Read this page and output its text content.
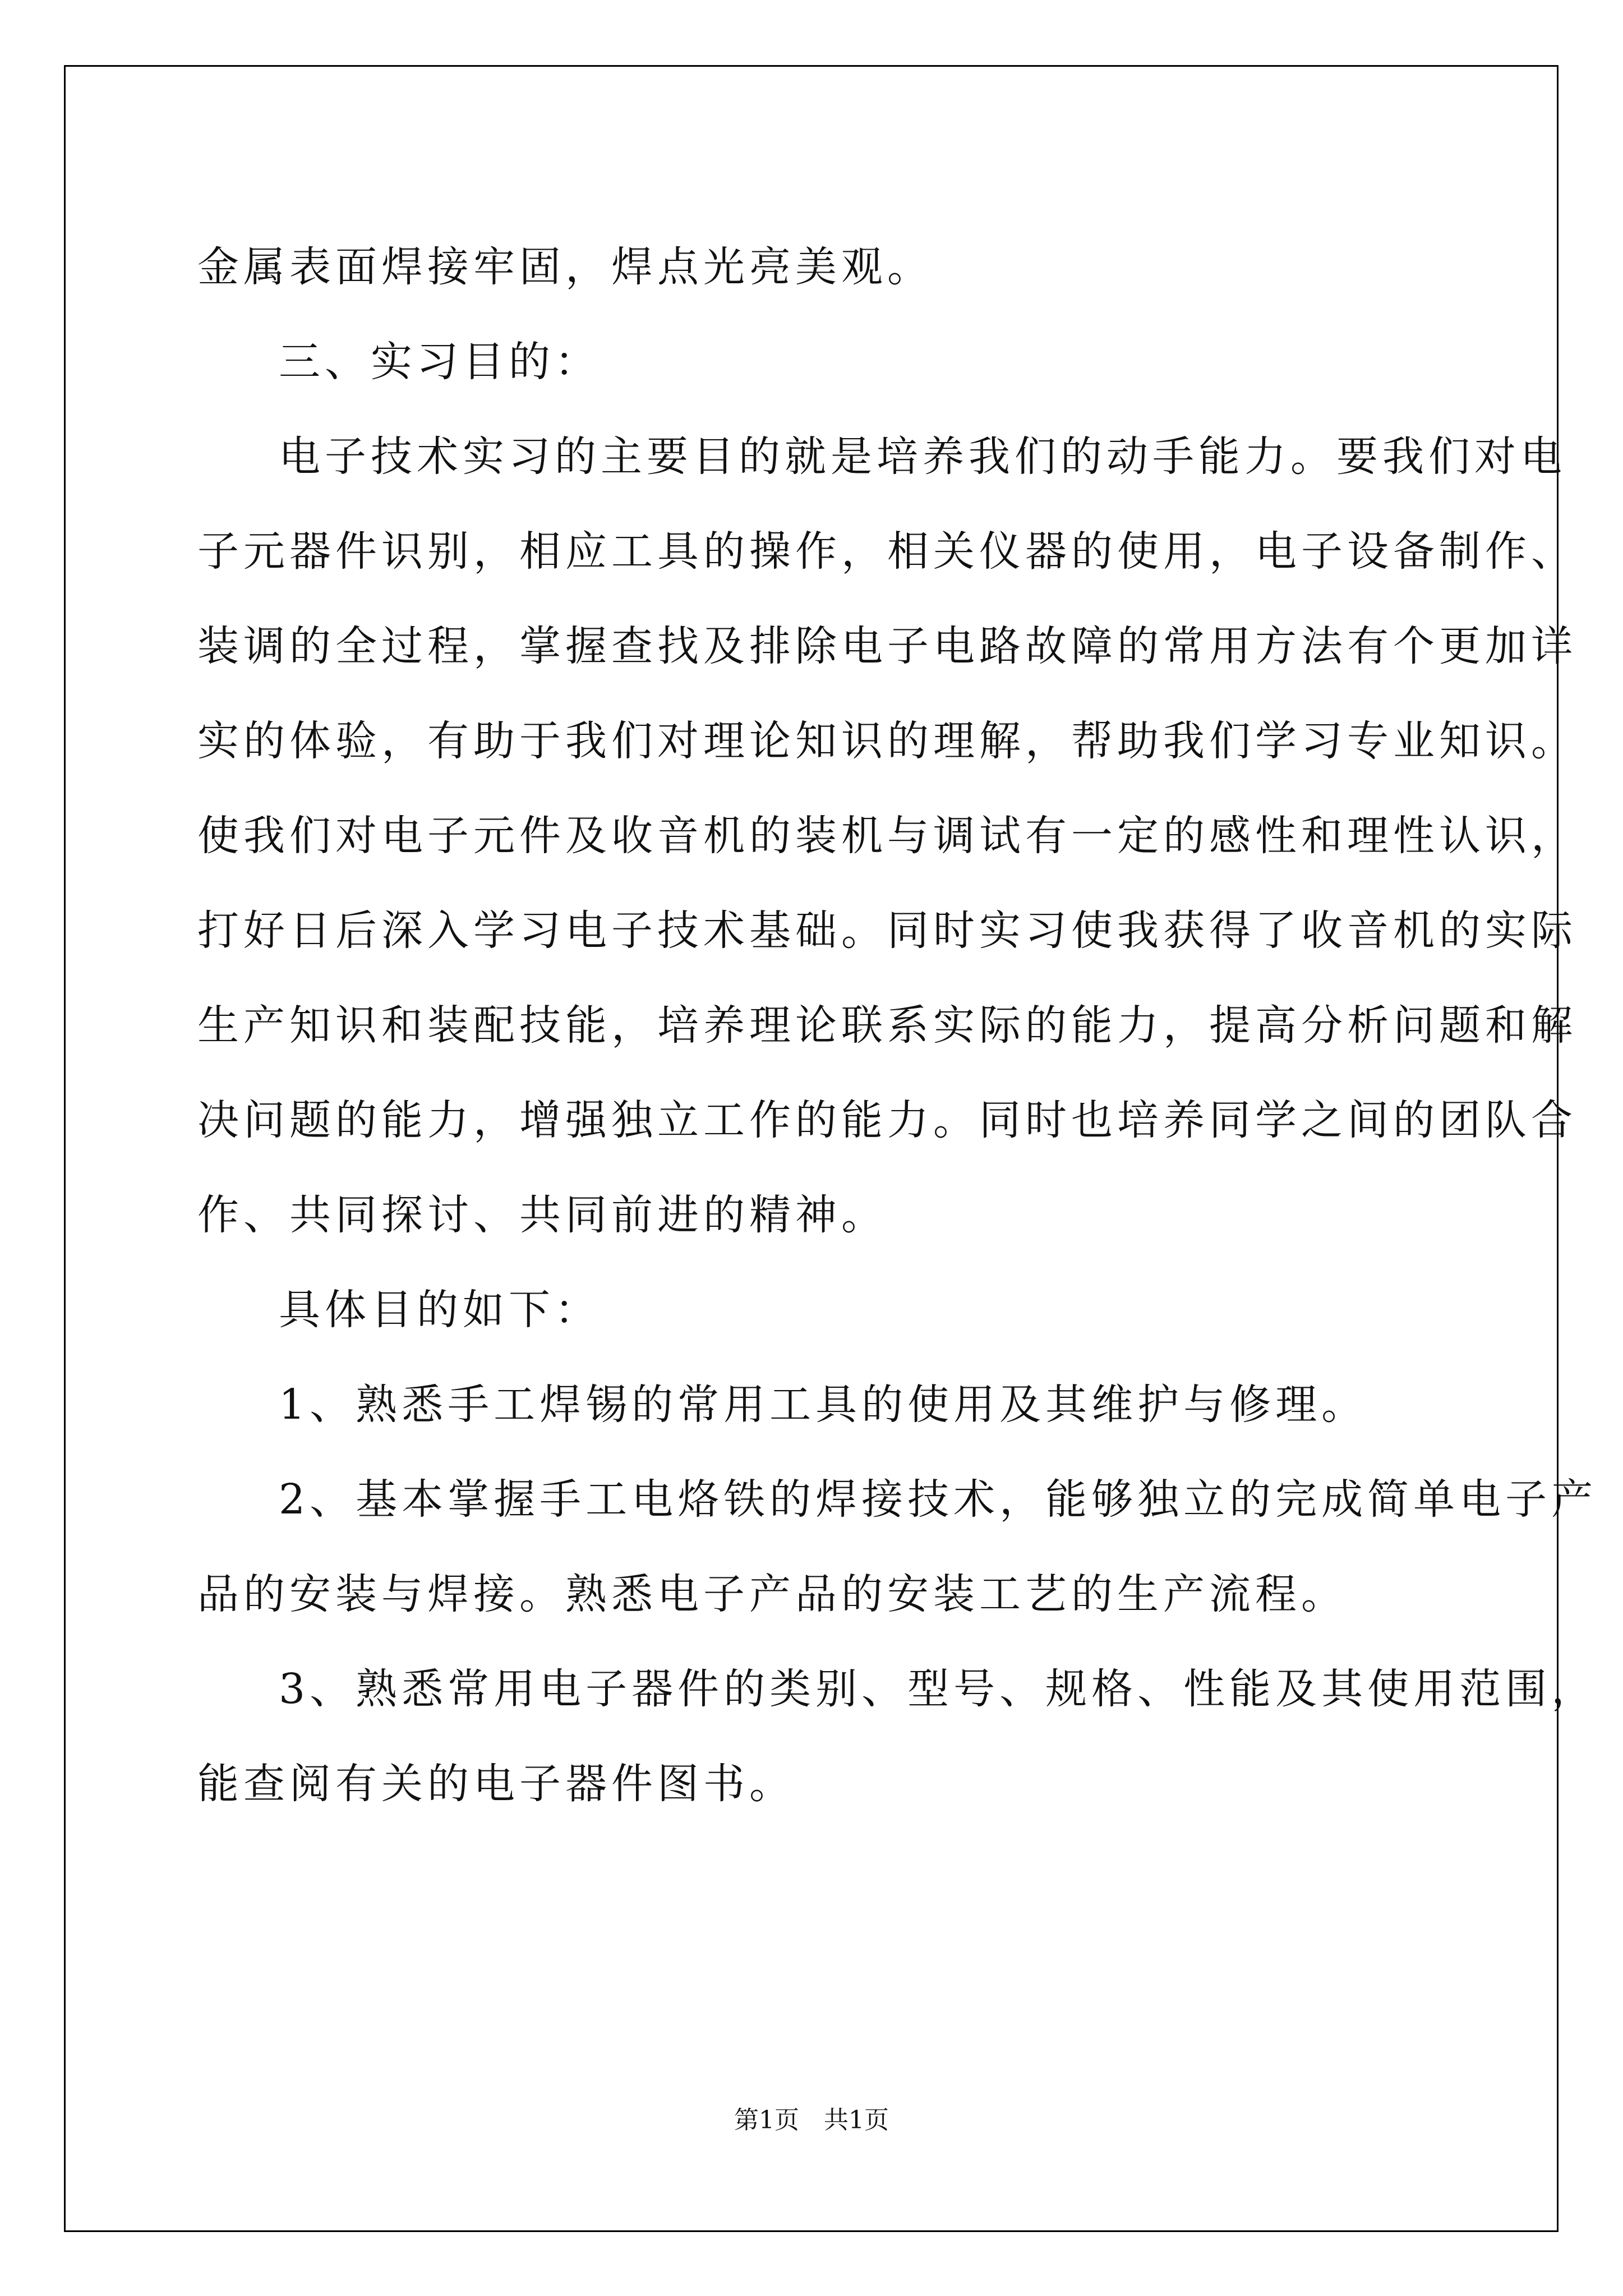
金属表面焊接牢固，焊点光亮美观。

三、实习目的：

电子技术实习的主要目的就是培养我们的动手能力。要我们对电

子元器件识别，相应工具的操作，相关仪器的使用，电子设备制作、

装调的全过程，掌握查找及排除电子电路故障的常用方法有个更加详

实的体验，有助于我们对理论知识的理解，帮助我们学习专业知识。

使我们对电子元件及收音机的装机与调试有一定的感性和理性认识，

打好日后深入学习电子技术基础。同时实习使我获得了收音机的实际

生产知识和装配技能，培养理论联系实际的能力，提高分析问题和解

决问题的能力，增强独立工作的能力。同时也培养同学之间的团队合

作、共同探讨、共同前进的精神。

具体目的如下：

1、熟悉手工焊锡的常用工具的使用及其维护与修理。

2、基本掌握手工电烙铁的焊接技术，能够独立的完成简单电子产

品的安装与焊接。熟悉电子产品的安装工艺的生产流程。

3、熟悉常用电子器件的类别、型号、规格、性能及其使用范围，

能查阅有关的电子器件图书。

第1页　共1页
